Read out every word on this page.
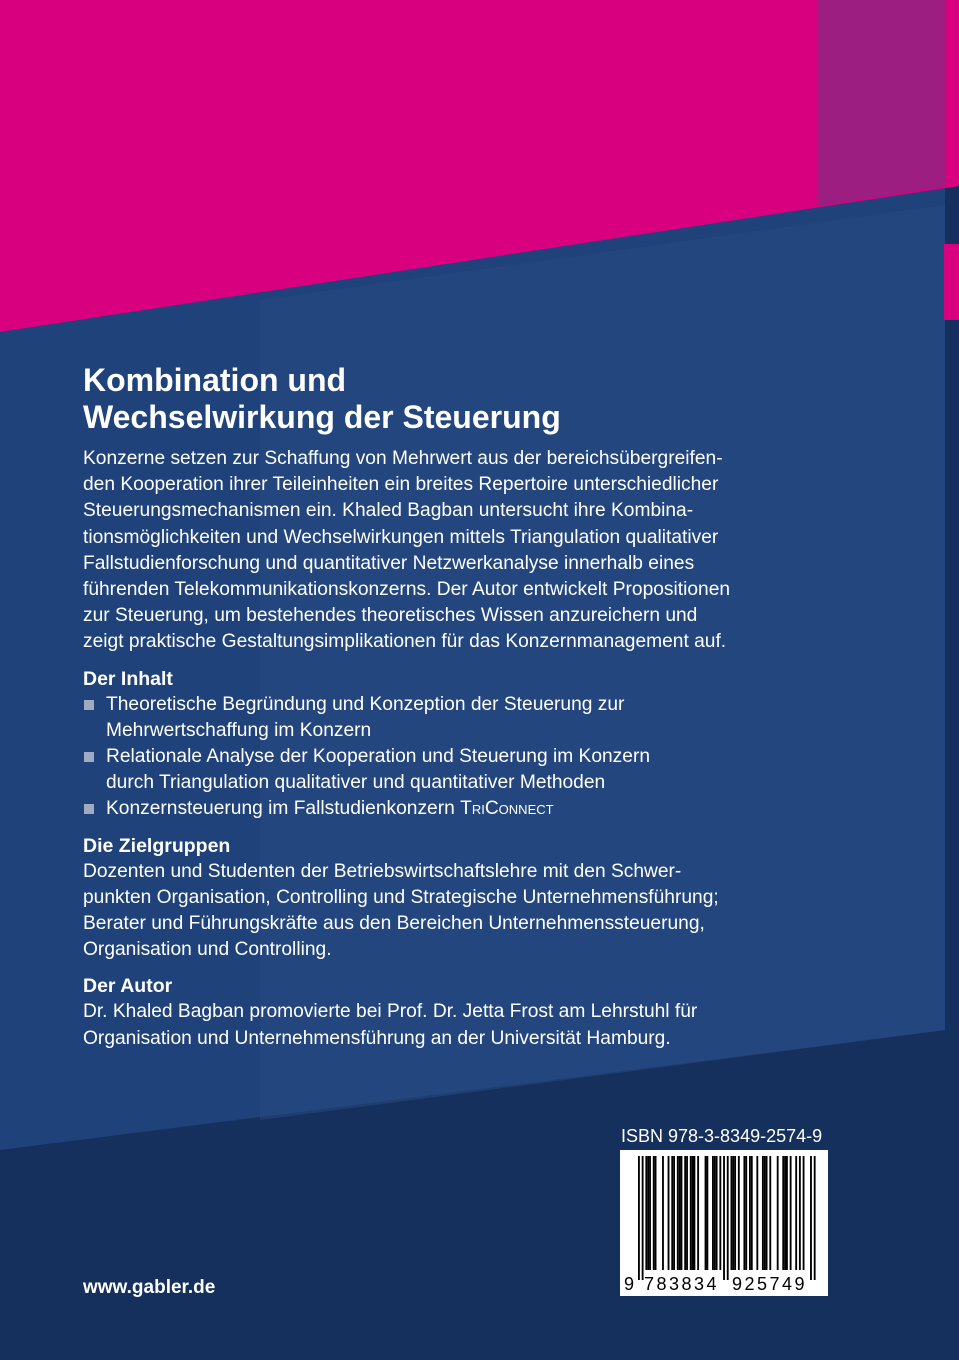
Kombination und
Wechselwirkung der Steuerung
Konzerne setzen zur Schaffung von Mehrwert aus der bereichsübergreifen-
den Kooperation ihrer Teileinheiten ein breites Repertoire unterschiedlicher
Steuerungsmechanismen ein. Khaled Bagban untersucht ihre Kombina-
tionsmöglichkeiten und Wechselwirkungen mittels Triangulation qualitativer
Fallstudienforschung und quantitativer Netzwerkanalyse innerhalb eines
führenden Telekommunikationskonzerns. Der Autor entwickelt Propositionen
zur Steuerung, um bestehendes theoretisches Wissen anzureichern und
zeigt praktische Gestaltungsimplikationen für das Konzernmanagement auf.
Der Inhalt
Theoretische Begründung und Konzeption der Steuerung zur
Mehrwertschaffung im Konzern
Relationale Analyse der Kooperation und Steuerung im Konzern
durch Triangulation qualitativer und quantitativer Methoden
Konzernsteuerung im Fallstudienkonzern TriConnect
Die Zielgruppen
Dozenten und Studenten der Betriebswirtschaftslehre mit den Schwer-
punkten Organisation, Controlling und Strategische Unternehmensführung;
Berater und Führungskräfte aus den Bereichen Unternehmenssteuerung,
Organisation und Controlling.
Der Autor
Dr. Khaled Bagban promovierte bei Prof. Dr. Jetta Frost am Lehrstuhl für
Organisation und Unternehmensführung an der Universität Hamburg.
ISBN 978-3-8349-2574-9
9 783834 925749
www.gabler.de
